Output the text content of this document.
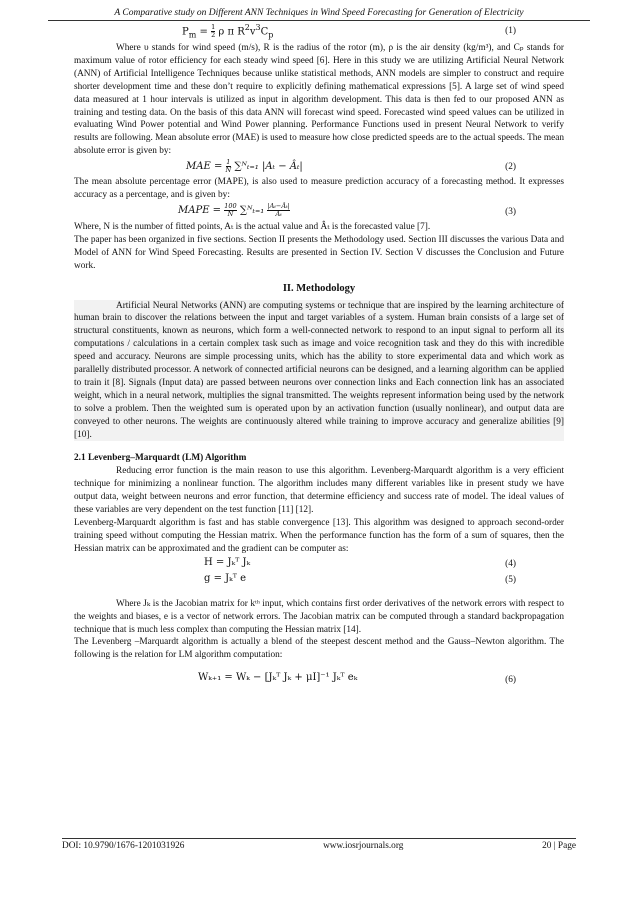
A Comparative study on Different ANN Techniques in Wind Speed Forecasting for Generation of Electricity
$P_m = \frac{1}{2}$ ρ π $R^2v^3C_p$	(1)

Where υ stands for wind speed (m/s), R is the radius of the rotor (m), ρ is the air density (kg/m³), and Cₚ stands for maximum value of rotor efficiency for each steady wind speed [6]. Here in this study we are utilizing Artificial Neural Network (ANN) of Artificial Intelligence Techniques because unlike statistical methods, ANN models are simpler to construct and require shorter development time and these don’t require to explicitly defining mathematical expressions [5]. A large set of wind speed data measured at 1 hour intervals is utilized as input in algorithm development. This data is then fed to our proposed ANN as training and testing data. On the basis of this data ANN will forecast wind speed. Forecasted wind speed values can be utilized in evaluating Wind Power potential and Wind Power planning. Performance Functions used in present Neural Network to verify results are following. Mean absolute error (MAE) is used to measure how close predicted speeds are to the actual speeds. The mean absolute error is given by:

MAE = $\frac{1}{N}$ ∑ᴺₜ₌₁ |Aₜ − Âₜ|	(2)

The mean absolute percentage error (MAPE), is also used to measure prediction accuracy of a forecasting method. It expresses accuracy as a percentage, and is given by:

MAPE = $\frac{100}{N}$ ∑ᴺₜ₌₁ $\frac{\text{|Aₜ−Âₜ|}}{\text{Aₜ}}$	(3)

Where, N is the number of fitted points, Aₜ is the actual value and Âₜ is the forecasted value [7].

The paper has been organized in five sections. Section II presents the Methodology used. Section III discusses the various Data and Model of ANN for Wind Speed Forecasting. Results are presented in Section IV. Section V discusses the Conclusion and Future work.

II. Methodology

Artificial Neural Networks (ANN) are computing systems or technique that are inspired by the learning architecture of human brain to discover the relations between the input and target variables of a system. Human brain consists of a large set of structural constituents, known as neurons, which form a well-connected network to respond to an input signal to perform all its computations / calculations in a certain complex task such as image and voice recognition task and they do this with incredible speed and accuracy. Neurons are simple processing units, which has the ability to store experimental data and which work as parallelly distributed processor. A network of connected artificial neurons can be designed, and a learning algorithm can be applied to train it [8]. Signals (Input data) are passed between neurons over connection links and Each connection link has an associated weight, which in a neural network, multiplies the signal transmitted. The weights represent information being used by the network to solve a problem. Then the weighted sum is operated upon by an activation function (usually nonlinear), and output data are conveyed to other neurons. The weights are continuously altered while training to improve accuracy and generalize abilities [9] [10].

2.1 Levenberg–Marquardt (LM) Algorithm

Reducing error function is the main reason to use this algorithm. Levenberg-Marquardt algorithm is a very efficient technique for minimizing a nonlinear function. The algorithm includes many different variables like in present study we have output data, weight between neurons and error function, that determine efficiency and success rate of model. The ideal values of these variables are very dependent on the test function [11] [12].

Levenberg-Marquardt algorithm is fast and has stable convergence [13]. This algorithm was designed to approach second-order training speed without computing the Hessian matrix. When the performance function has the form of a sum of squares, then the Hessian matrix can be approximated and the gradient can be computer as:

H = Jₖᵀ Jₖ	(4)
g = Jₖᵀ e	(5)

Where Jₖ is the Jacobian matrix for kᵗʰ input, which contains first order derivatives of the network errors with respect to the weights and biases, e is a vector of network errors. The Jacobian matrix can be computed through a standard backpropagation technique that is much less complex than computing the Hessian matrix [14].

The Levenberg –Marquardt algorithm is actually a blend of the steepest descent method and the Gauss–Newton algorithm. The following is the relation for LM algorithm computation:

Wₖ₊₁ = Wₖ − [Jₖᵀ Jₖ + μI]⁻¹ Jₖᵀ eₖ	(6)
DOI: 10.9790/1676-1201031926	www.iosrjournals.org	20 | Page
